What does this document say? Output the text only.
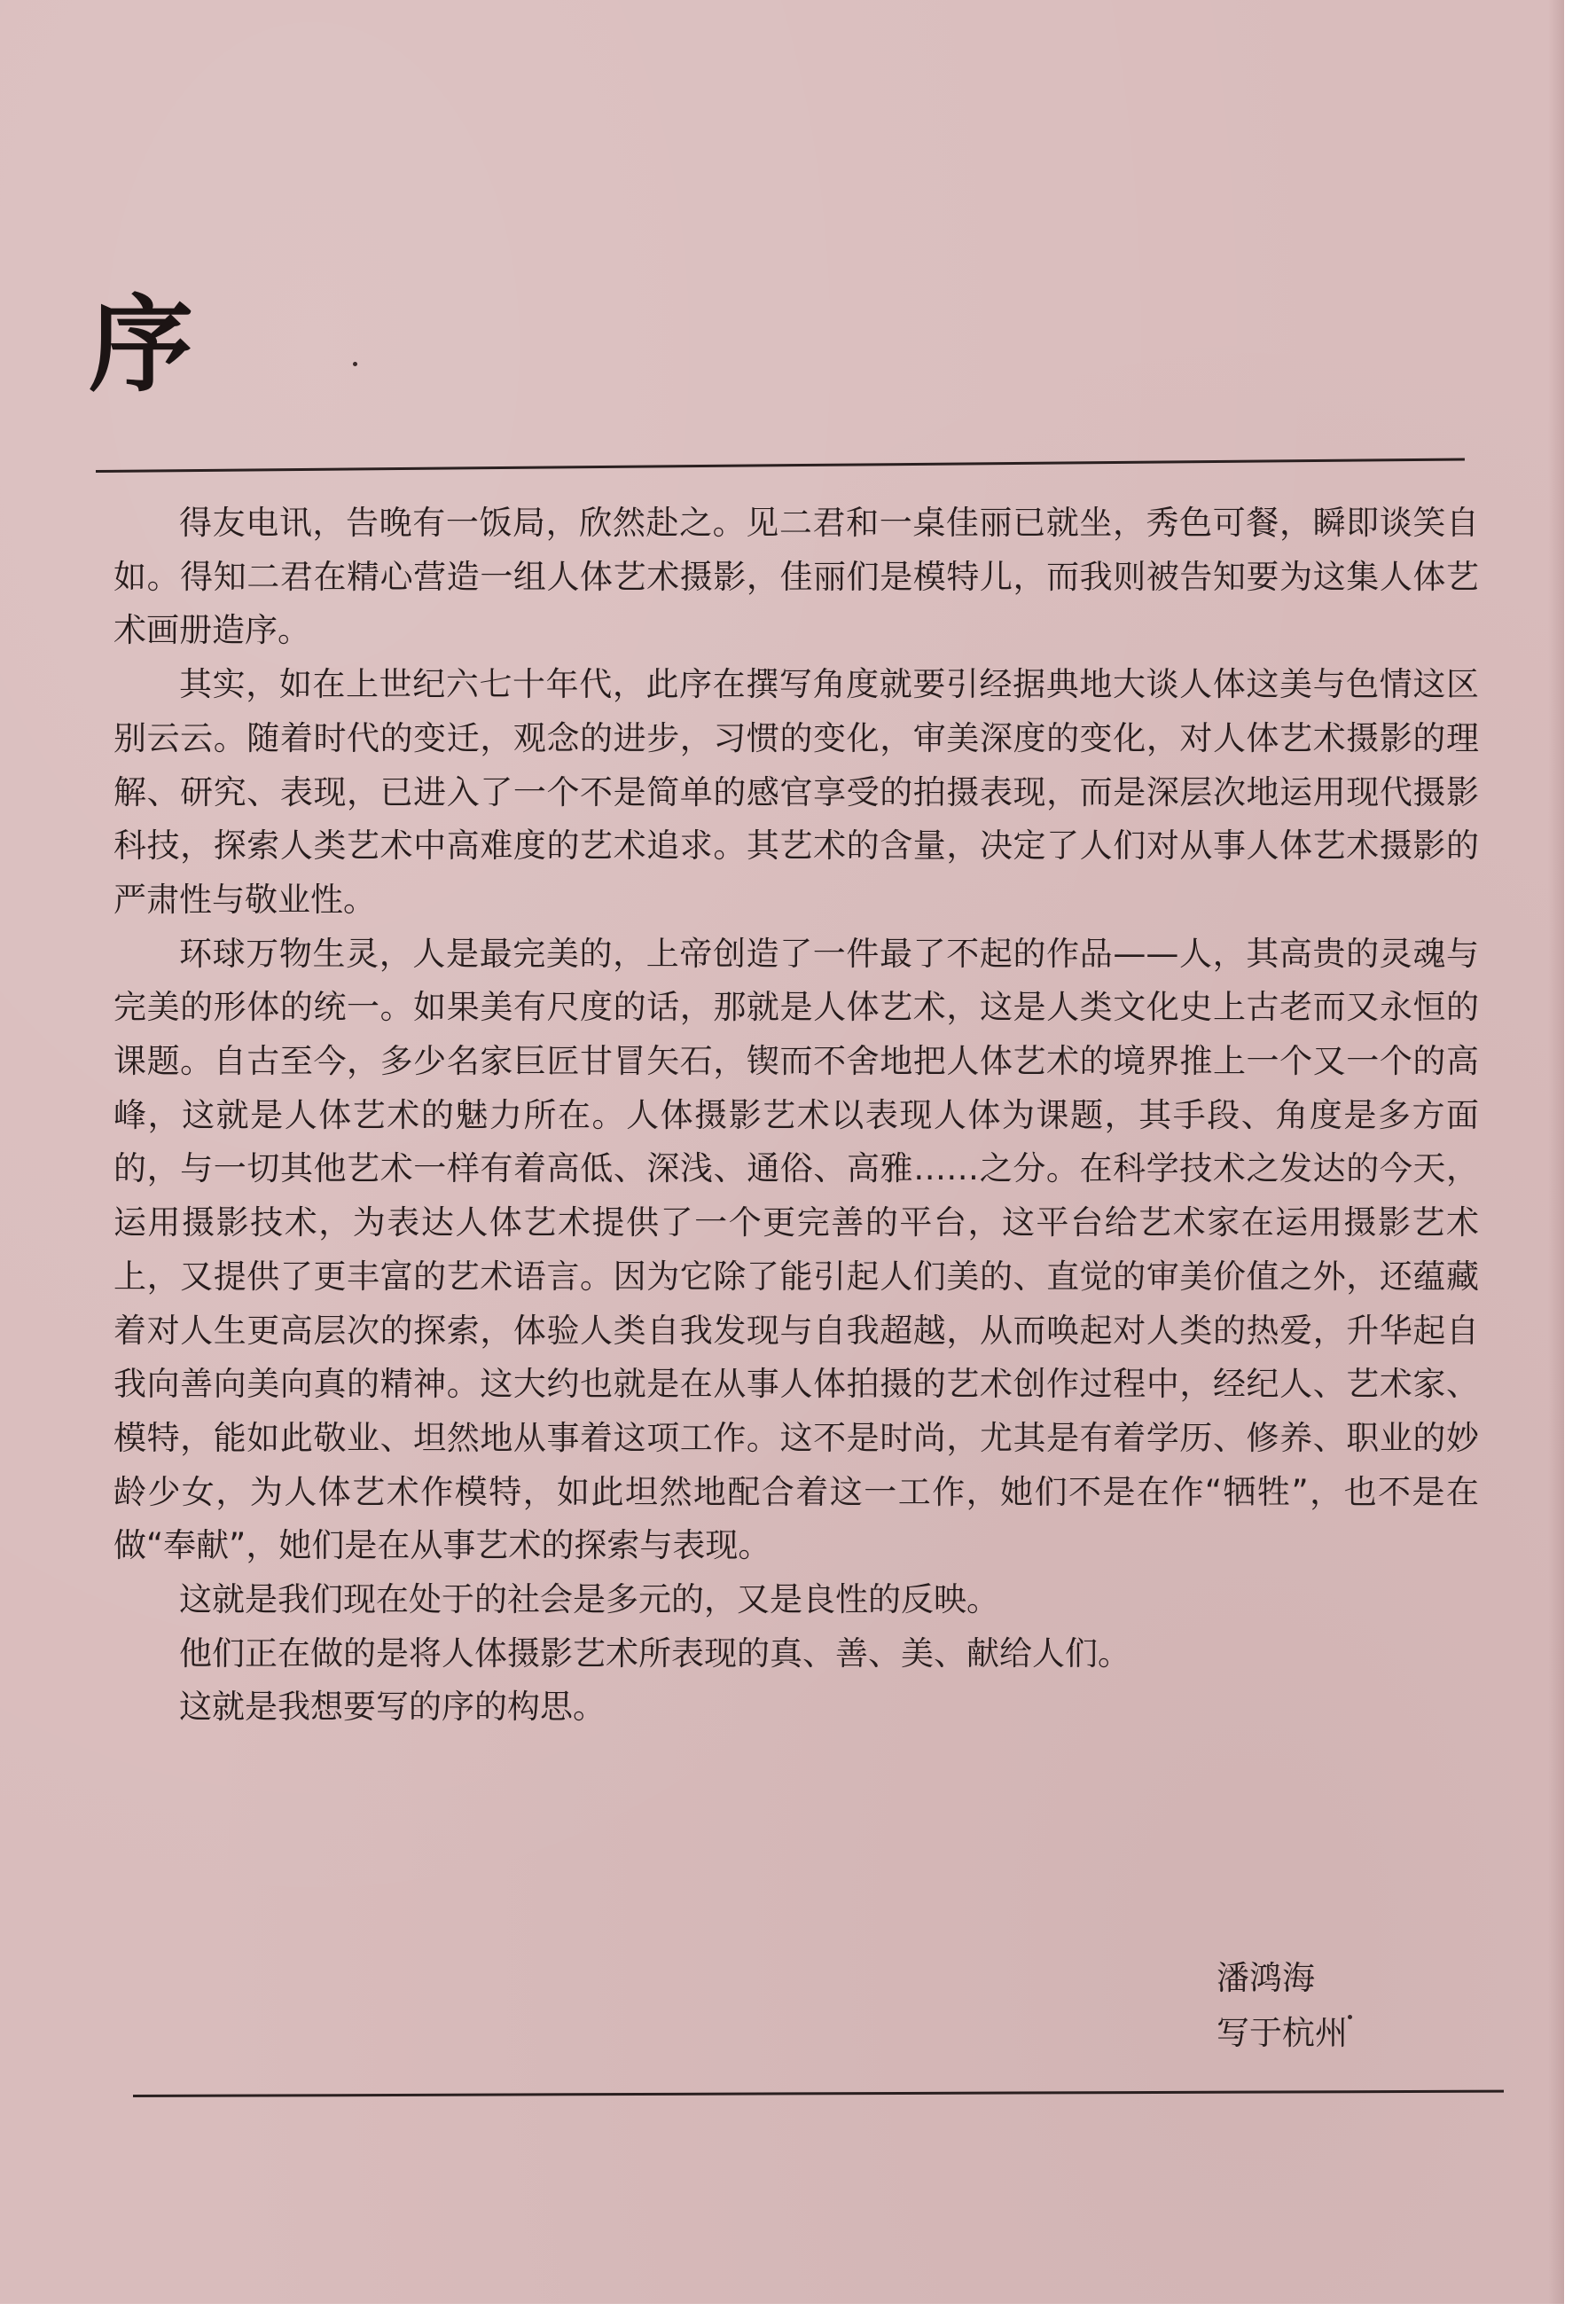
序

得友电讯，告晚有一饭局，欣然赴之。见二君和一桌佳丽已就坐，秀色可餐，瞬即谈笑自如。得知二君在精心营造一组人体艺术摄影，佳丽们是模特儿，而我则被告知要为这集人体艺术画册造序。

其实，如在上世纪六七十年代，此序在撰写角度就要引经据典地大谈人体这美与色情这区别云云。随着时代的变迁，观念的进步，习惯的变化，审美深度的变化，对人体艺术摄影的理解、研究、表现，已进入了一个不是简单的感官享受的拍摄表现，而是深层次地运用现代摄影科技，探索人类艺术中高难度的艺术追求。其艺术的含量，决定了人们对从事人体艺术摄影的严肃性与敬业性。

环球万物生灵，人是最完美的，上帝创造了一件最了不起的作品——人，其高贵的灵魂与完美的形体的统一。如果美有尺度的话，那就是人体艺术，这是人类文化史上古老而又永恒的课题。自古至今，多少名家巨匠甘冒矢石，锲而不舍地把人体艺术的境界推上一个又一个的高峰，这就是人体艺术的魅力所在。人体摄影艺术以表现人体为课题，其手段、角度是多方面的，与一切其他艺术一样有着高低、深浅、通俗、高雅……之分。在科学技术之发达的今天，运用摄影技术，为表达人体艺术提供了一个更完善的平台，这平台给艺术家在运用摄影艺术上，又提供了更丰富的艺术语言。因为它除了能引起人们美的、直觉的审美价值之外，还蕴藏着对人生更高层次的探索，体验人类自我发现与自我超越，从而唤起对人类的热爱，升华起自我向善向美向真的精神。这大约也就是在从事人体拍摄的艺术创作过程中，经纪人、艺术家、模特，能如此敬业、坦然地从事着这项工作。这不是时尚，尤其是有着学历、修养、职业的妙龄少女，为人体艺术作模特，如此坦然地配合着这一工作，她们不是在作“牺牲”，也不是在做“奉献”，她们是在从事艺术的探索与表现。

这就是我们现在处于的社会是多元的，又是良性的反映。

他们正在做的是将人体摄影艺术所表现的真、善、美、献给人们。

这就是我想要写的序的构思。

潘鸿海
写于杭州
